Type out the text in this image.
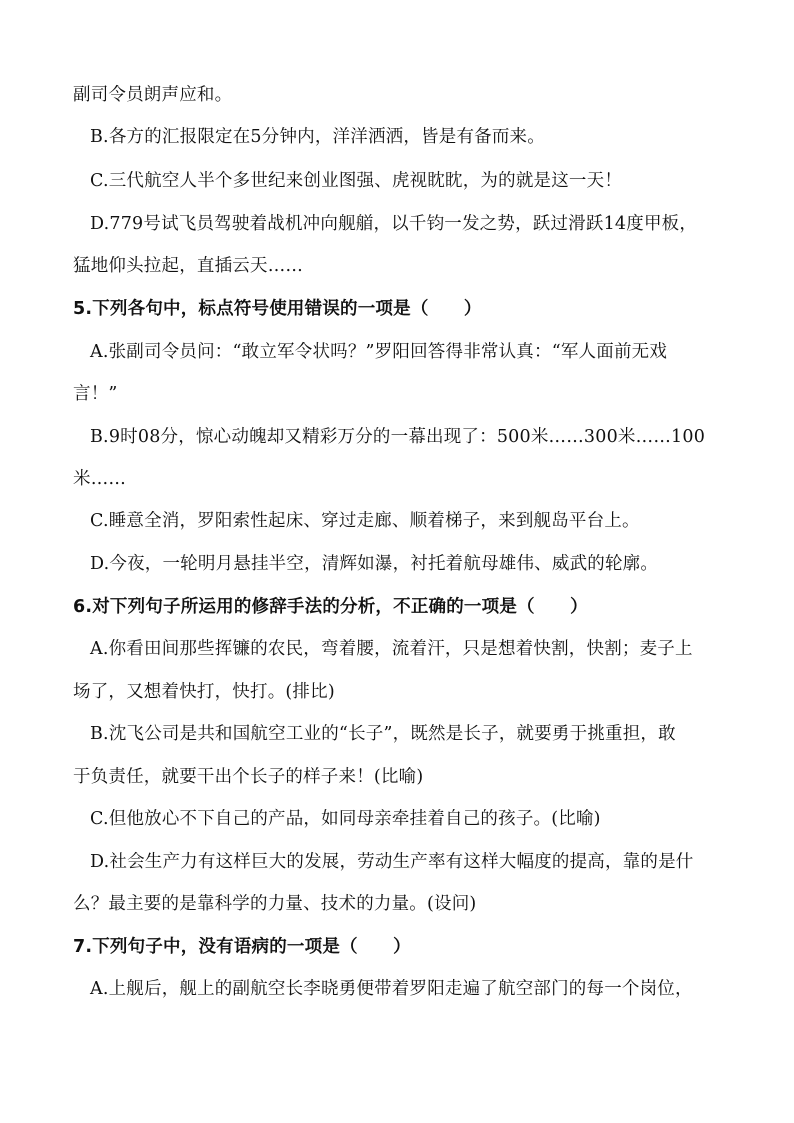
副司令员朗声应和。
B.各方的汇报限定在5分钟内，洋洋洒洒，皆是有备而来。
C.三代航空人半个多世纪来创业图强、虎视眈眈，为的就是这一天！
D.779号试飞员驾驶着战机冲向舰艏，以千钧一发之势，跃过滑跃14度甲板，
猛地仰头拉起，直插云天……
5.下列各句中，标点符号使用错误的一项是（　　）
A.张副司令员问：“敢立军令状吗？”罗阳回答得非常认真：“军人面前无戏
言！”
B.9时08分，惊心动魄却又精彩万分的一幕出现了：500米……300米……100
米……
C.睡意全消，罗阳索性起床、穿过走廊、顺着梯子，来到舰岛平台上。
D.今夜，一轮明月悬挂半空，清辉如瀑，衬托着航母雄伟、威武的轮廓。
6.对下列句子所运用的修辞手法的分析，不正确的一项是（　　）
A.你看田间那些挥镰的农民，弯着腰，流着汗，只是想着快割，快割；麦子上
场了，又想着快打，快打。(排比)
B.沈飞公司是共和国航空工业的“长子”，既然是长子，就要勇于挑重担，敢
于负责任，就要干出个长子的样子来！(比喻)
C.但他放心不下自己的产品，如同母亲牵挂着自己的孩子。(比喻)
D.社会生产力有这样巨大的发展，劳动生产率有这样大幅度的提高，靠的是什
么？最主要的是靠科学的力量、技术的力量。(设问)
7.下列句子中，没有语病的一项是（　　）
A.上舰后，舰上的副航空长李晓勇便带着罗阳走遍了航空部门的每一个岗位，
